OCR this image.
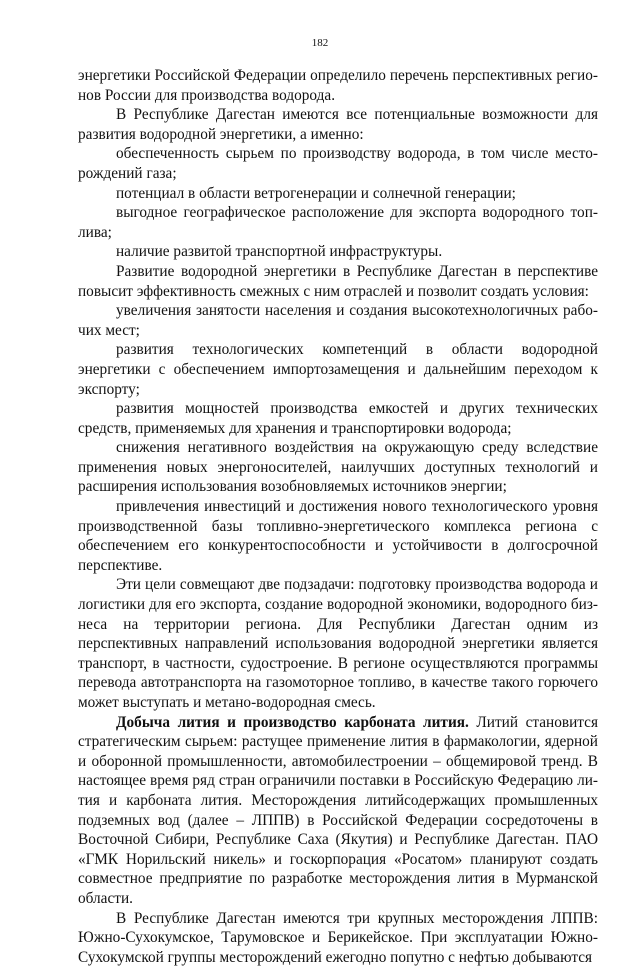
182

энергетики Российской Федерации определило перечень перспективных регионов России для производства водорода.

В Республике Дагестан имеются все потенциальные возможности для развития водородной энергетики, а именно:

обеспеченность сырьем по производству водорода, в том числе месторождений газа;

потенциал в области ветрогенерации и солнечной генерации;

выгодное географическое расположение для экспорта водородного топлива;

наличие развитой транспортной инфраструктуры.

Развитие водородной энергетики в Республике Дагестан в перспективе повысит эффективность смежных с ним отраслей и позволит создать условия:

увеличения занятости населения и создания высокотехнологичных рабочих мест;

развития технологических компетенций в области водородной энергетики с обеспечением импортозамещения и дальнейшим переходом к экспорту;

развития мощностей производства емкостей и других технических средств, применяемых для хранения и транспортировки водорода;

снижения негативного воздействия на окружающую среду вследствие применения новых энергоносителей, наилучших доступных технологий и расширения использования возобновляемых источников энергии;

привлечения инвестиций и достижения нового технологического уровня производственной базы топливно-энергетического комплекса региона с обеспечением его конкурентоспособности и устойчивости в долгосрочной перспективе.

Эти цели совмещают две подзадачи: подготовку производства водорода и логистики для его экспорта, создание водородной экономики, водородного бизнеса на территории региона. Для Республики Дагестан одним из перспективных направлений использования водородной энергетики является транспорт, в частности, судостроение. В регионе осуществляются программы перевода автотранспорта на газомоторное топливо, в качестве такого горючего может выступать и метано-водородная смесь.

Добыча лития и производство карбоната лития. Литий становится стратегическим сырьем: растущее применение лития в фармакологии, ядерной и оборонной промышленности, автомобилестроении – общемировой тренд. В настоящее время ряд стран ограничили поставки в Российскую Федерацию лития и карбоната лития. Месторождения литийсодержащих промышленных подземных вод (далее – ЛППВ) в Российской Федерации сосредоточены в Восточной Сибири, Республике Саха (Якутия) и Республике Дагестан. ПАО «ГМК Норильский никель» и госкорпорация «Росатом» планируют создать совместное предприятие по разработке месторождения лития в Мурманской области.

В Республике Дагестан имеются три крупных месторождения ЛППВ: Южно-Сухокумское, Тарумовское и Берикейское. При эксплуатации Южно-Сухокумской группы месторождений ежегодно попутно с нефтью добываются
